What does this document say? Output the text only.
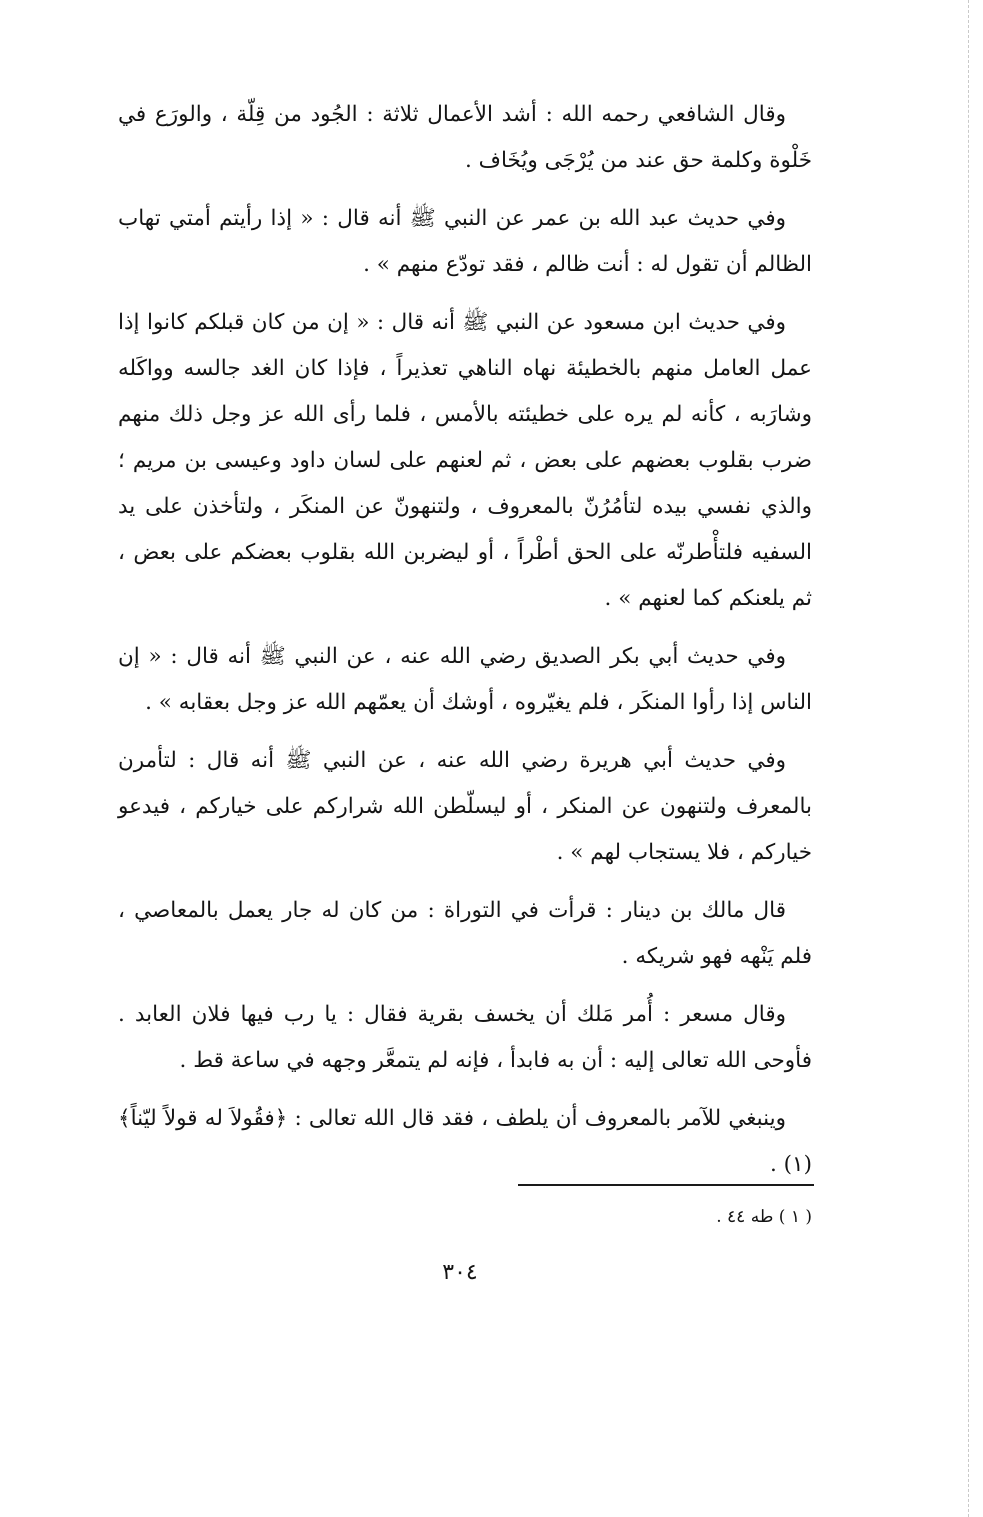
وقال الشافعي رحمه الله : أشد الأعمال ثلاثة : الجُود من قِلّة ، والورَع في خَلْوة وكلمة حق عند من يُرْجَى ويُخَاف .

وفي حديث عبد الله بن عمر عن النبي ﷺ أنه قال : « إذا رأيتم أمتي تهاب الظالم أن تقول له : أنت ظالم ، فقد تودّع منهم » .

وفي حديث ابن مسعود عن النبي ﷺ أنه قال : « إن من كان قبلكم كانوا إذا عمل العامل منهم بالخطيئة نهاه الناهي تعذيراً ، فإذا كان الغد جالسه وواكَله وشارَبه ، كأنه لم يره على خطيئته بالأمس ، فلما رأى الله عز وجل ذلك منهم ضرب بقلوب بعضهم على بعض ، ثم لعنهم على لسان داود وعيسى بن مريم ؛ والذي نفسي بيده لتأمُرُنّ بالمعروف ، ولتنهونّ عن المنكَر ، ولتأخذن على يد السفيه فلتأْطرنّه على الحق أطْراً ، أو ليضربن الله بقلوب بعضكم على بعض ، ثم يلعنكم كما لعنهم » .

وفي حديث أبي بكر الصديق رضي الله عنه ، عن النبي ﷺ أنه قال : « إن الناس إذا رأوا المنكَر ، فلم يغيّروه ، أوشك أن يعمّهم الله عز وجل بعقابه » .

وفي حديث أبي هريرة رضي الله عنه ، عن النبي ﷺ أنه قال : لتأمرن بالمعرف ولتنهون عن المنكر ، أو ليسلّطن الله شراركم على خياركم ، فيدعو خياركم ، فلا يستجاب لهم » .

قال مالك بن دينار : قرأت في التوراة : من كان له جار يعمل بالمعاصي ، فلم يَنْهه فهو شريكه .

وقال مسعر : أُمر مَلك أن يخسف بقرية فقال : يا رب فيها فلان العابد . فأوحى الله تعالى إليه : أن به فابدأ ، فإنه لم يتمعَّر وجهه في ساعة قط .

وينبغي للآمر بالمعروف أن يلطف ، فقد قال الله تعالى : ﴿فقُولاَ له قولاً ليّناً﴾ (١) .

( ١ ) طه ٤٤ .
٣٠٤
